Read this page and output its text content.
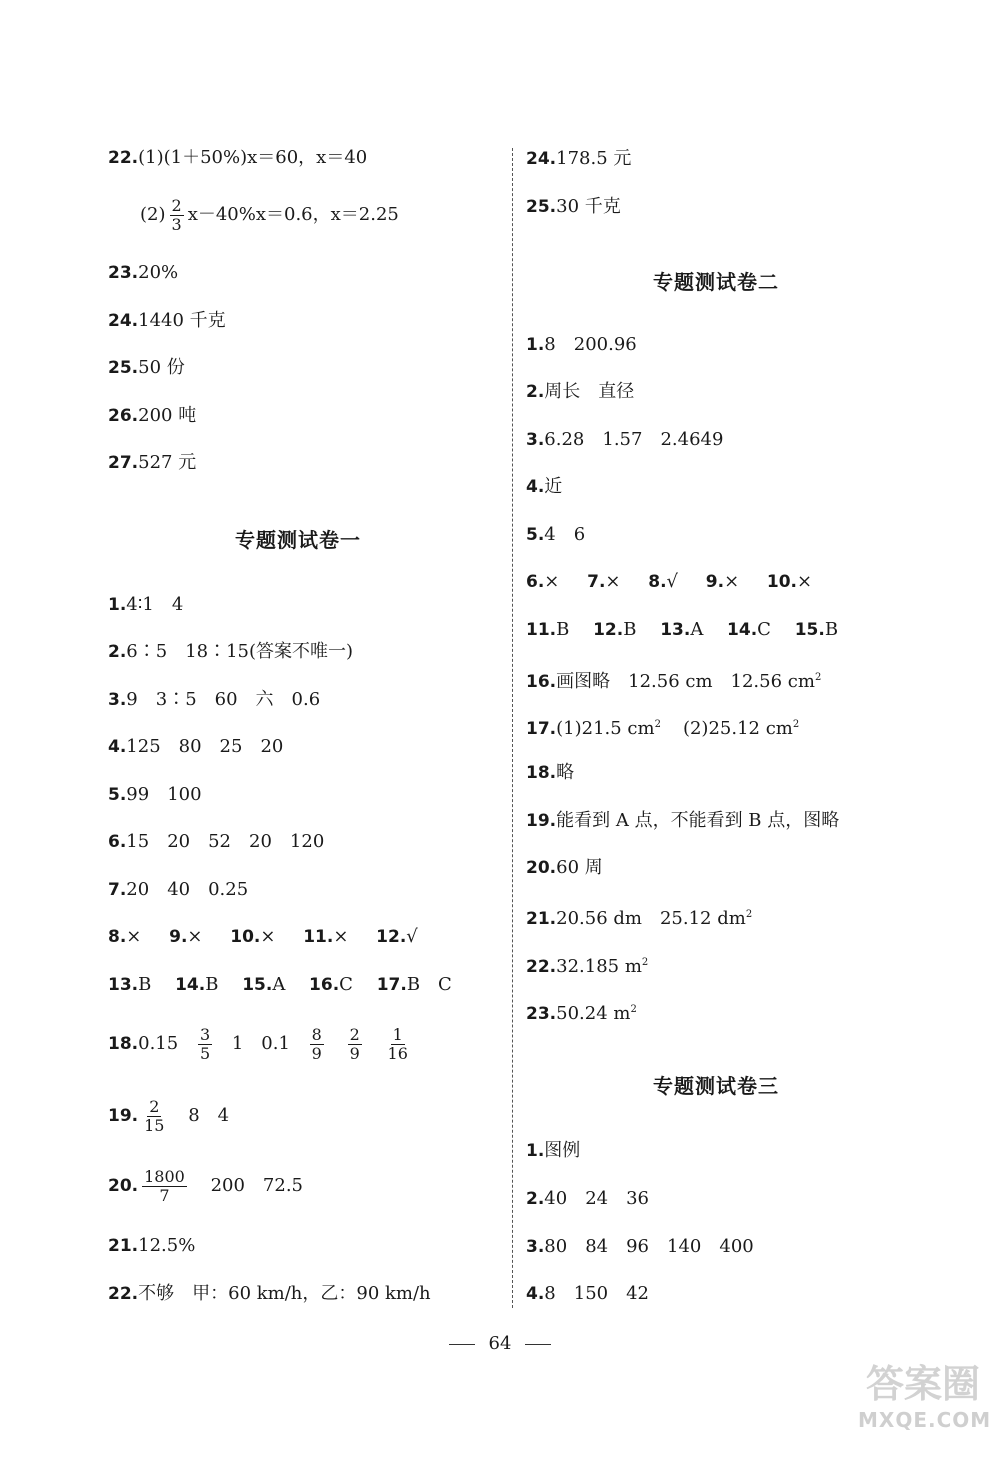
22.(1)(1＋50%)x＝60，x＝40
$(2) \frac{2}{3} x-40\%x=0.6$，x＝2.25
23.20%
24.1440 千克
25.50 份
26.200 吨
27.527 元
专题测试卷一
1.4∶1　4
2.6∶5　18∶15(答案不唯一)
3.9　3∶5　60　六　0.6
4.125　80　25　20
5.99　100
6.15　20　52　20　120
7.20　40　0.25
8.× 9.× 10.× 11.× 12.√
13.B 14.B 15.A 16.C 17.B　C
$18.0.15 \frac{3}{5} 1$　$0.1 \frac{8}{9}$
$\frac{2}{9}$
$\frac{1}{16}$
19. $\frac{2}{15} 8$　4
20. $\frac{1800}{7} 200$　72.5
21.12.5%
22.不够　甲：60 km/h，乙：90 km/h
24.178.5 元
25.30 千克
专题测试卷二
1.8　200.96
2.周长　直径
3.6.28　1.57　2.4649
4.近
5.4　6
6.× 7.× 8.√ 9.× 10.×
11.B 12.B 13.A 14.C 15.B
16.画图略　12.56 cm　12.56 $cm^2$
17.(1)21.5 $cm^2$ (2)25.12 $cm^2$
18.略
19.能看到 A 点，不能看到 B 点，图略
20.60 周
21.20.56 dm　25.12 $dm^2$
22.32.185 $m^2$
23.50.24 $m^2$
专题测试卷三
1.图例
2.40　24　36
3.80　84　96　140　400
4.8　150　42
64
答案圈
MXQE.COM
